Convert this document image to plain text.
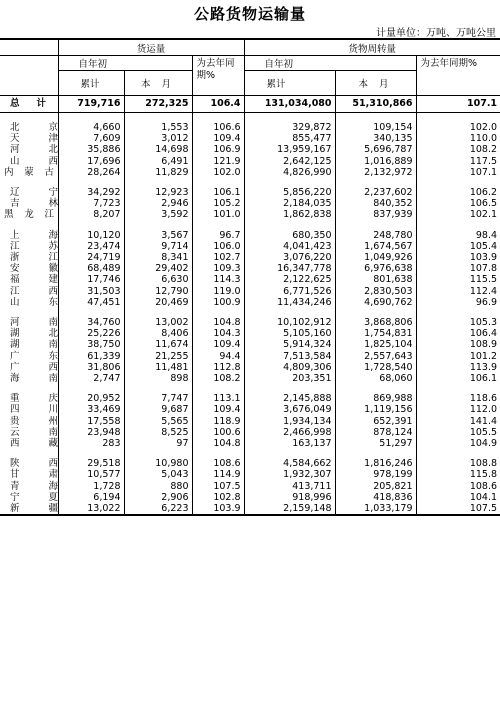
公路货物运输量
计量单位：万吨、万吨公里
	货运量			货物周转量		
	自年初		为去年同期%	自年初		为去年同期%
	累计	本 月		累计	本 月	
总 计	719,716	272,325	106.4	131,034,080	51,310,866	107.1

北京	4,660	1,553	106.6	329,872	109,154	102.0
天津	7,609	3,012	109.4	855,477	340,135	110.0
河北	35,886	14,698	106.9	13,959,167	5,696,787	108.2
山西	17,696	6,491	121.9	2,642,125	1,016,889	117.5
内蒙古	28,264	11,829	102.0	4,826,990	2,132,972	107.1

辽宁	34,292	12,923	106.1	5,856,220	2,237,602	106.2
吉林	7,723	2,946	105.2	2,184,035	840,352	106.5
黑龙江	8,207	3,592	101.0	1,862,838	837,939	102.1

上海	10,120	3,567	96.7	680,350	248,780	98.4
江苏	23,474	9,714	106.0	4,041,423	1,674,567	105.4
浙江	24,719	8,341	102.7	3,076,220	1,049,926	103.9
安徽	68,489	29,402	109.3	16,347,778	6,976,638	107.8
福建	17,746	6,630	114.3	2,122,625	801,638	115.5
江西	31,503	12,790	119.0	6,771,526	2,830,503	112.4
山东	47,451	20,469	100.9	11,434,246	4,690,762	96.9

河南	34,760	13,002	104.8	10,102,912	3,868,806	105.3
湖北	25,226	8,406	104.3	5,105,160	1,754,831	106.4
湖南	38,750	11,674	109.4	5,914,324	1,825,104	108.9
广东	61,339	21,255	94.4	7,513,584	2,557,643	101.2
广西	31,806	11,481	112.8	4,809,306	1,728,540	113.9
海南	2,747	898	108.2	203,351	68,060	106.1

重庆	20,952	7,747	113.1	2,145,888	869,988	118.6
四川	33,469	9,687	109.4	3,676,049	1,119,156	112.0
贵州	17,558	5,565	118.9	1,934,134	652,391	141.4
云南	23,948	8,525	100.6	2,466,998	878,124	105.5
西藏	283	97	104.8	163,137	51,297	104.9

陕西	29,518	10,980	108.6	4,584,662	1,816,246	108.8
甘肃	10,577	5,043	114.9	1,932,307	978,199	115.8
青海	1,728	880	107.5	413,711	205,821	108.6
宁夏	6,194	2,906	102.8	918,996	418,836	104.1
新疆	13,022	6,223	103.9	2,159,148	1,033,179	107.5
